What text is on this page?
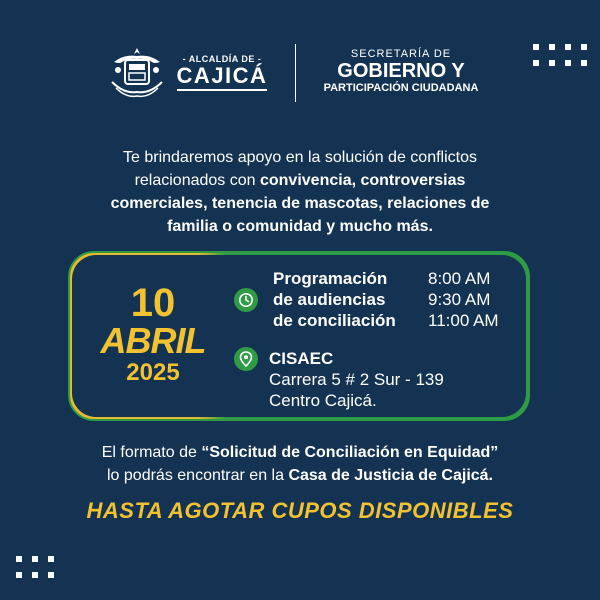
- ALCALDÍA DE -
CAJICÁ
SECRETARÍA DE
GOBIERNO Y
PARTICIPACIÓN CIUDADANA
Te brindaremos apoyo en la solución de conflictos
relacionados con convivencia, controversias
comerciales, tenencia de mascotas, relaciones de
familia o comunidad y mucho más.
10
ABRIL
2025
Programación
de audiencias
de conciliación
8:00 AM
9:30 AM
11:00 AM
CISAEC
Carrera 5 # 2 Sur - 139
Centro Cajicá.
El formato de “Solicitud de Conciliación en Equidad”
lo podrás encontrar en la Casa de Justicia de Cajicá.
HASTA AGOTAR CUPOS DISPONIBLES
